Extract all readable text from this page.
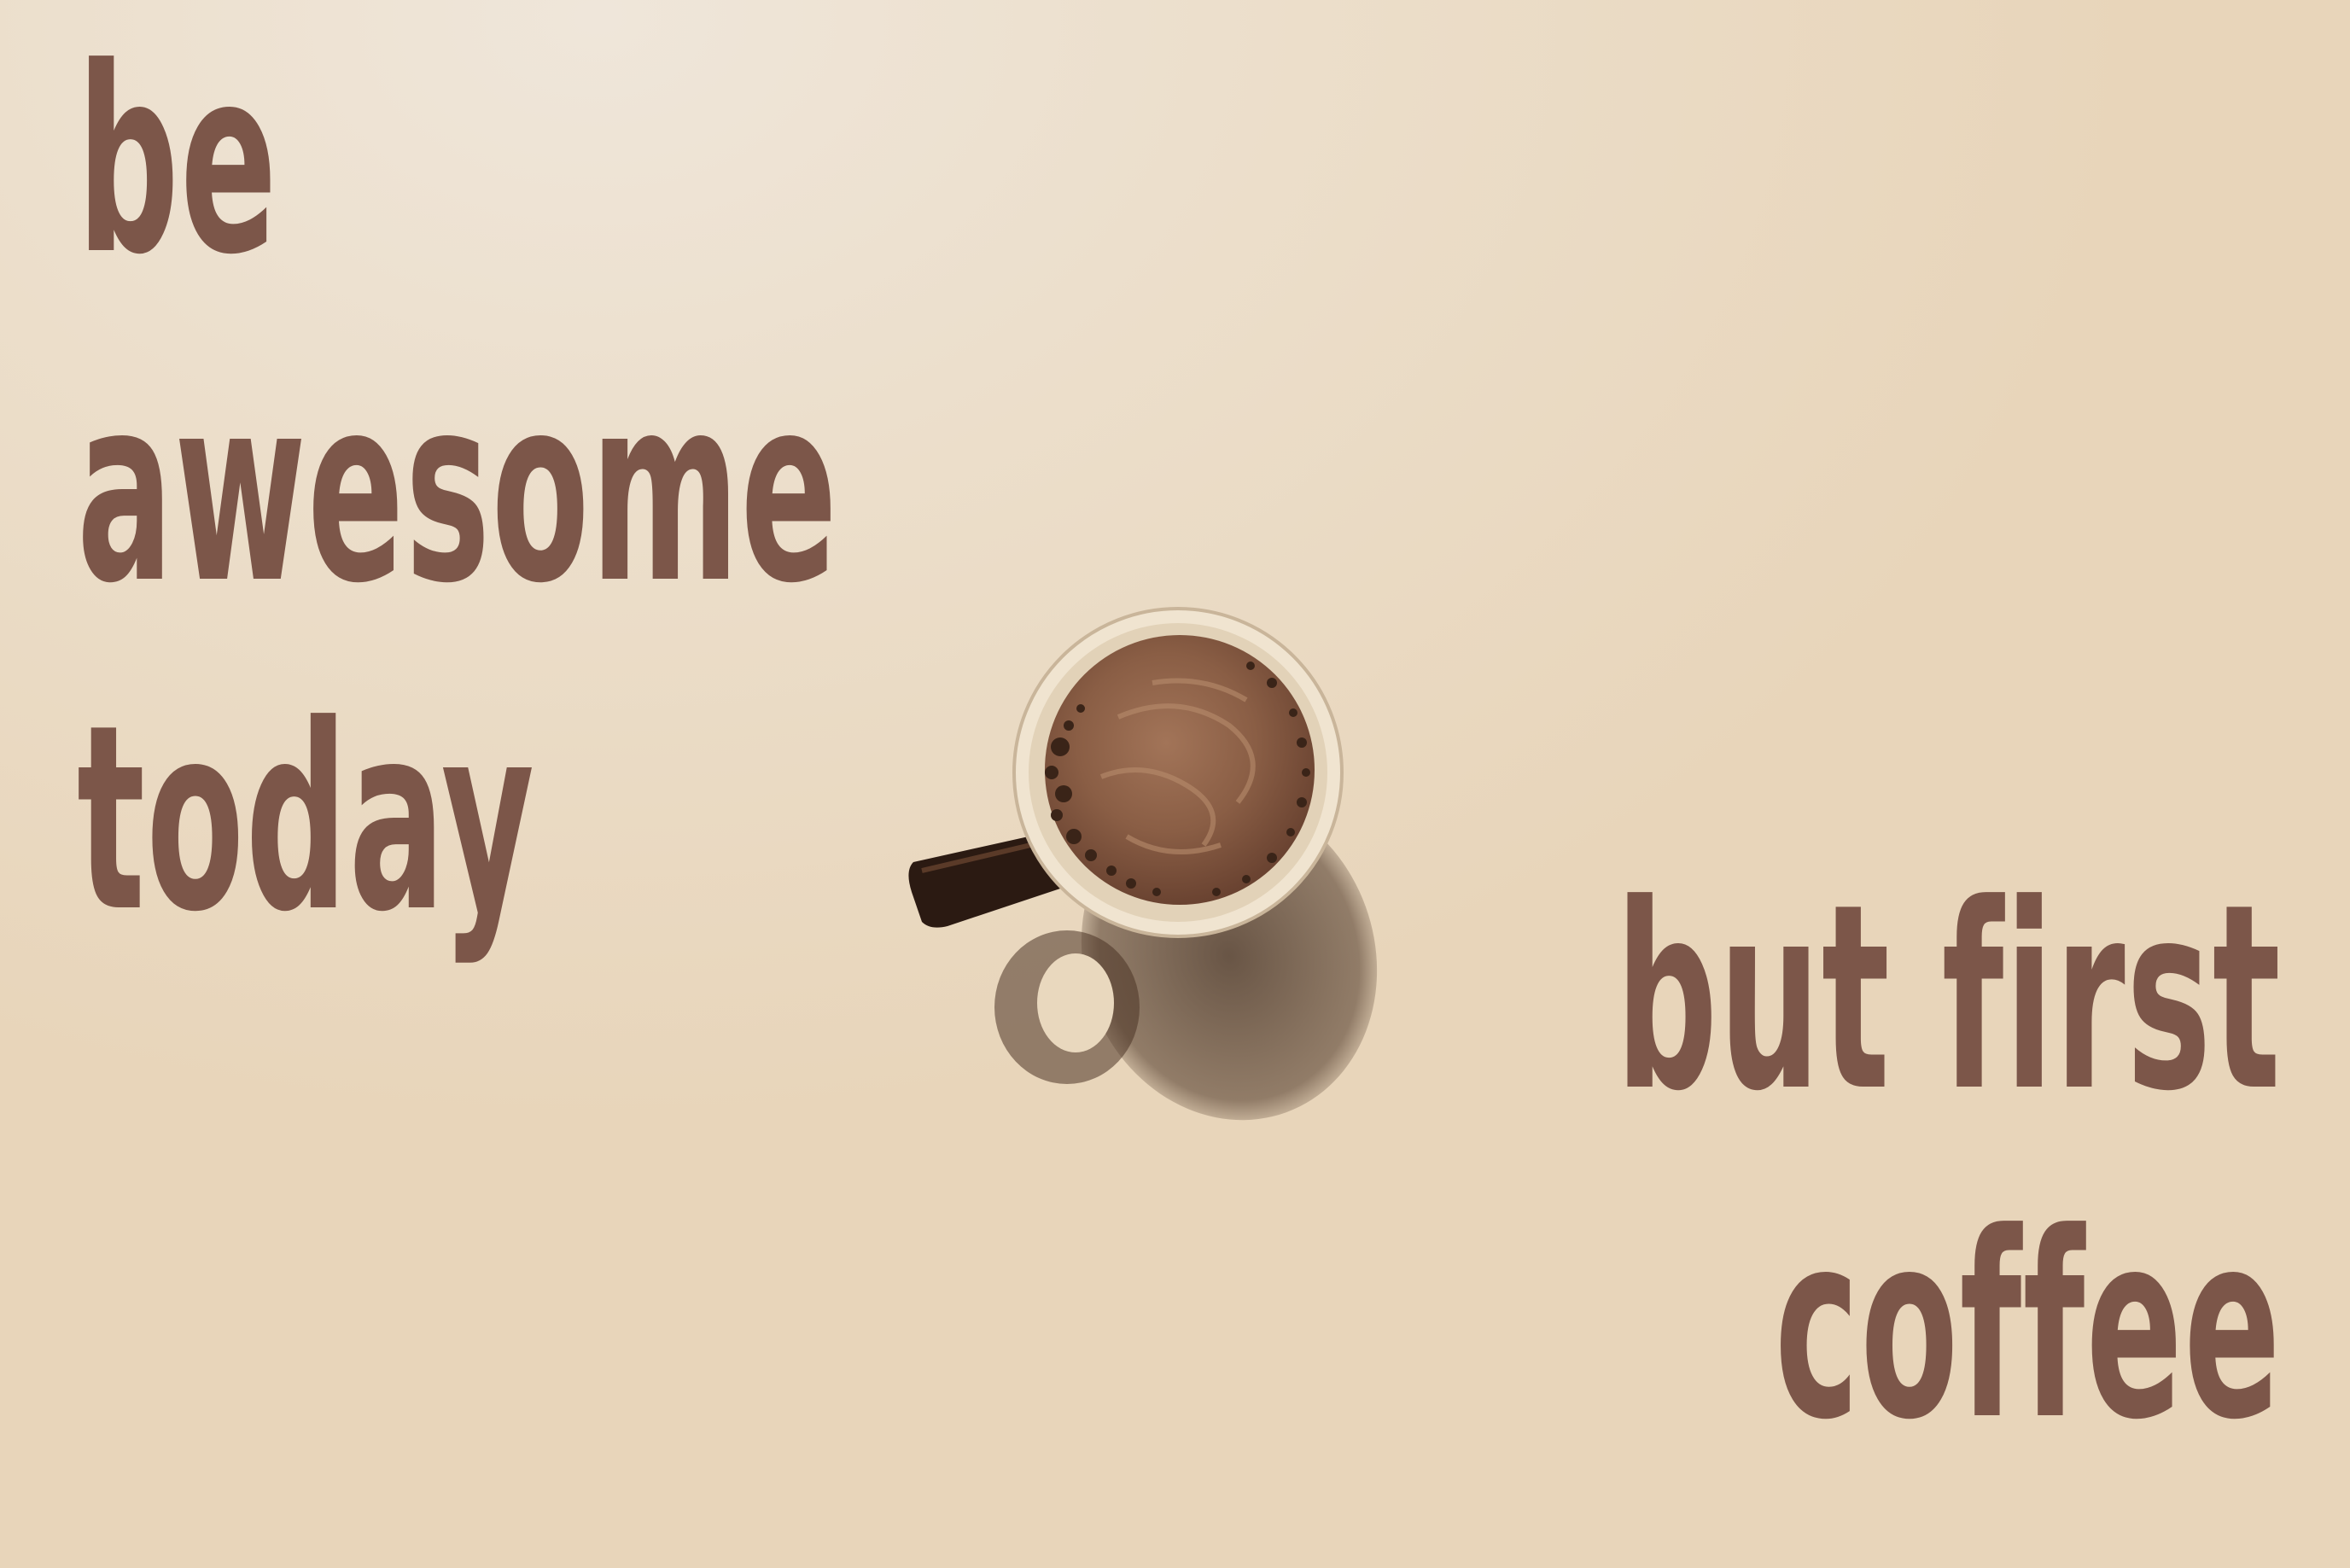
be
awesome
today
but first
coffee
